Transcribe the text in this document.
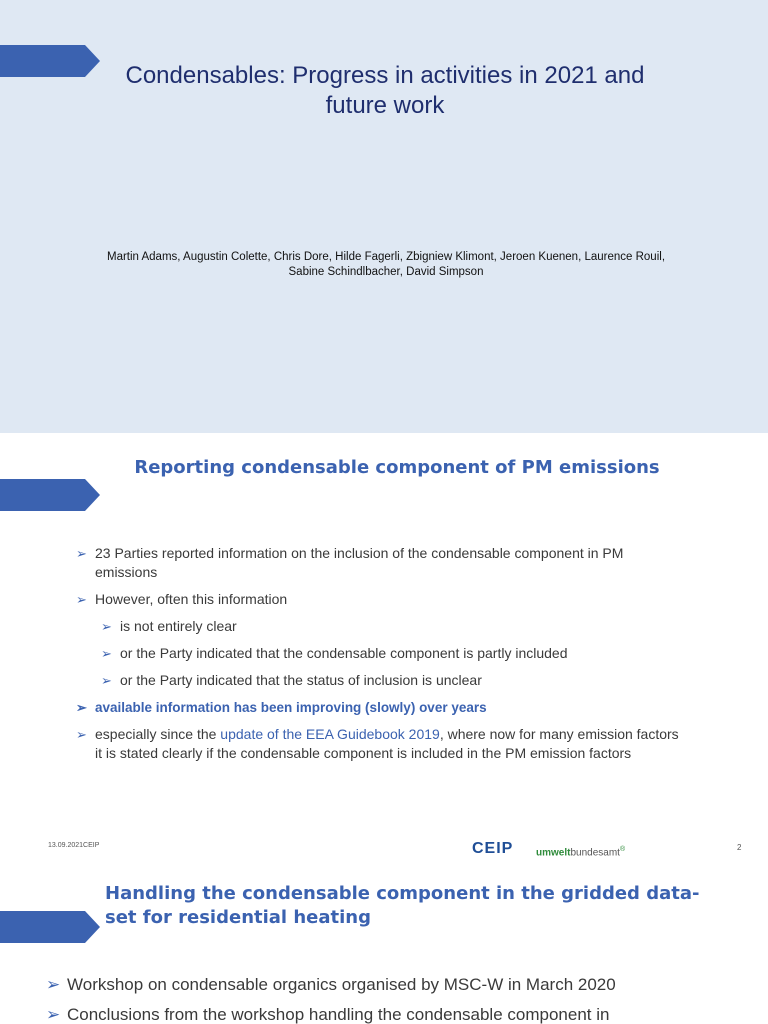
Condensables: Progress in activities in 2021 and future work
Martin Adams, Augustin Colette, Chris Dore, Hilde Fagerli, Zbigniew Klimont, Jeroen Kuenen, Laurence Rouil, Sabine Schindlbacher, David Simpson
Reporting condensable component of PM emissions
➢ 23 Parties reported information on the inclusion of the condensable component in PM emissions
➢ However, often this information
➢ is not entirely clear
➢ or the Party indicated that the condensable component is partly included
➢ or the Party indicated that the status of inclusion is unclear
➢ available information has been improving (slowly) over years
➢ especially since the update of the EEA Guidebook 2019, where now for many emission factors it is stated clearly if the condensable component is included in the PM emission factors
13.09.2021CEIP	CEIP umweltbundesamt®	2
Handling the condensable component in the gridded data-set for residential heating
➢ Workshop on condensable organics organised by MSC-W in March 2020
➢ Conclusions from the workshop handling the condensable component in
